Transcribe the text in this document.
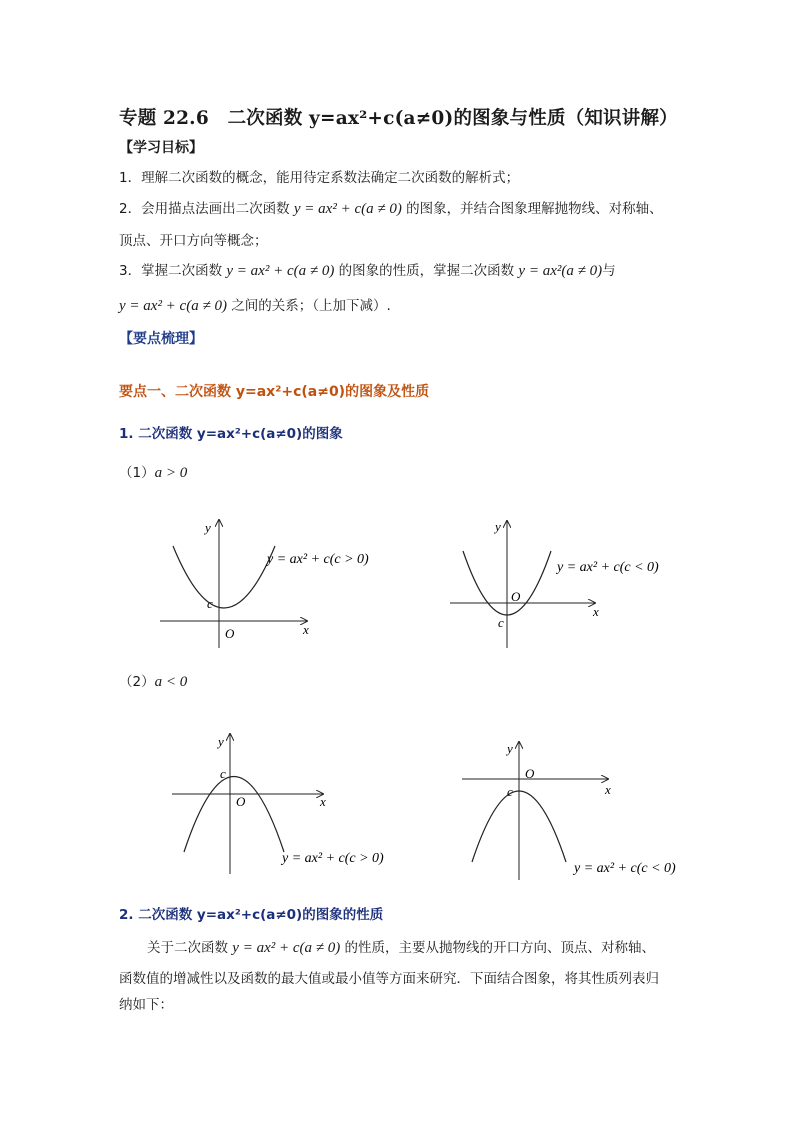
专题 22.6　二次函数 y=ax²+c(a≠0)的图象与性质（知识讲解）
【学习目标】
1．理解二次函数的概念，能用待定系数法确定二次函数的解析式；
2．会用描点法画出二次函数 y = ax² + c(a ≠ 0) 的图象，并结合图象理解抛物线、对称轴、
顶点、开口方向等概念；
3．掌握二次函数 y = ax² + c(a ≠ 0) 的图象的性质，掌握二次函数 y = ax²(a ≠ 0)与
y = ax² + c(a ≠ 0) 之间的关系；（上加下减）.
【要点梳理】
要点一、二次函数 y=ax²+c(a≠0)的图象及性质
1. 二次函数 y=ax²+c(a≠0)的图象
（1）a > 0
y
x
O
c
y = ax² + c(c > 0)
y
x
O
c
y = ax² + c(c < 0)
（2）a < 0
y
x
O
c
y = ax² + c(c > 0)
y
x
O
c
y = ax² + c(c < 0)
2. 二次函数 y=ax²+c(a≠0)的图象的性质
关于二次函数 y = ax² + c(a ≠ 0) 的性质，主要从抛物线的开口方向、顶点、对称轴、
函数值的增减性以及函数的最大值或最小值等方面来研究．下面结合图象，将其性质列表归
纳如下：
